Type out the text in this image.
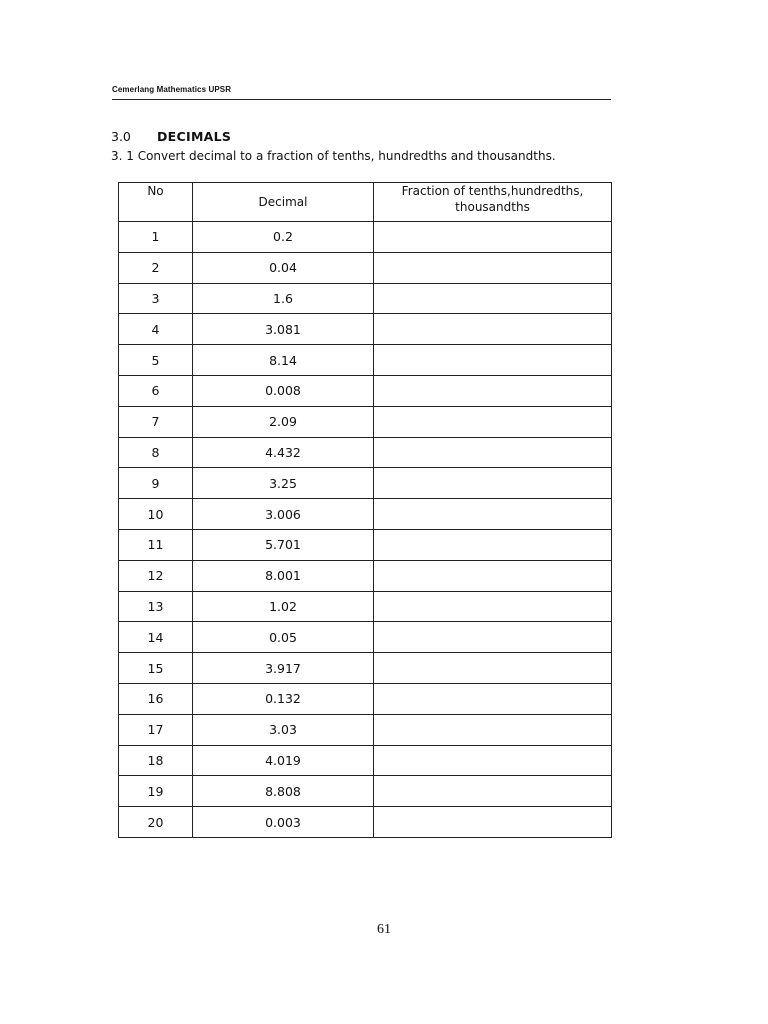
Cemerlang Mathematics UPSR
3.0 DECIMALS
3. 1 Convert decimal to a fraction of tenths, hundredths and thousandths.
No	Decimal	Fraction of tenths,hundredths, thousandths
1	0.2	
2	0.04	
3	1.6	
4	3.081	
5	8.14	
6	0.008	
7	2.09	
8	4.432	
9	3.25	
10	3.006	
11	5.701	
12	8.001	
13	1.02	
14	0.05	
15	3.917	
16	0.132	
17	3.03	
18	4.019	
19	8.808	
20	0.003	
61
